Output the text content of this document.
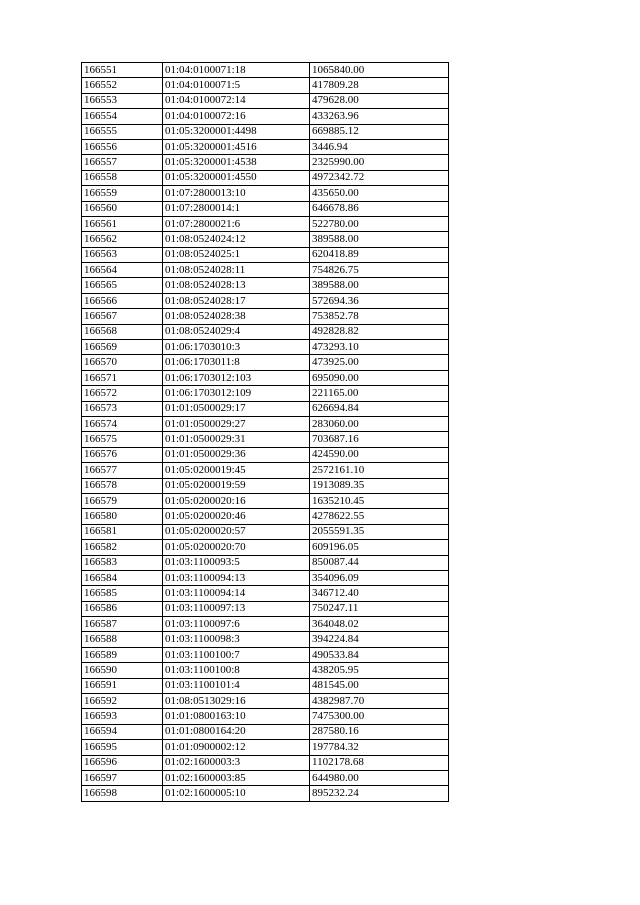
166551	01:04:0100071:18	1065840.00
166552	01:04:0100071:5	417809.28
166553	01:04:0100072:14	479628.00
166554	01:04:0100072:16	433263.96
166555	01:05:3200001:4498	669885.12
166556	01:05:3200001:4516	3446.94
166557	01:05:3200001:4538	2325990.00
166558	01:05:3200001:4550	4972342.72
166559	01:07:2800013:10	435650.00
166560	01:07:2800014:1	646678.86
166561	01:07:2800021:6	522780.00
166562	01:08:0524024:12	389588.00
166563	01:08:0524025:1	620418.89
166564	01:08:0524028:11	754826.75
166565	01:08:0524028:13	389588.00
166566	01:08:0524028:17	572694.36
166567	01:08:0524028:38	753852.78
166568	01:08:0524029:4	492828.82
166569	01:06:1703010:3	473293.10
166570	01:06:1703011:8	473925.00
166571	01:06:1703012:103	695090.00
166572	01:06:1703012:109	221165.00
166573	01:01:0500029:17	626694.84
166574	01:01:0500029:27	283060.00
166575	01:01:0500029:31	703687.16
166576	01:01:0500029:36	424590.00
166577	01:05:0200019:45	2572161.10
166578	01:05:0200019:59	1913089.35
166579	01:05:0200020:16	1635210.45
166580	01:05:0200020:46	4278622.55
166581	01:05:0200020:57	2055591.35
166582	01:05:0200020:70	609196.05
166583	01:03:1100093:5	850087.44
166584	01:03:1100094:13	354096.09
166585	01:03:1100094:14	346712.40
166586	01:03:1100097:13	750247.11
166587	01:03:1100097:6	364048.02
166588	01:03:1100098:3	394224.84
166589	01:03:1100100:7	490533.84
166590	01:03:1100100:8	438205.95
166591	01:03:1100101:4	481545.00
166592	01:08:0513029:16	4382987.70
166593	01:01:0800163:10	7475300.00
166594	01:01:0800164:20	287580.16
166595	01:01:0900002:12	197784.32
166596	01:02:1600003:3	1102178.68
166597	01:02:1600003:85	644980.00
166598	01:02:1600005:10	895232.24
